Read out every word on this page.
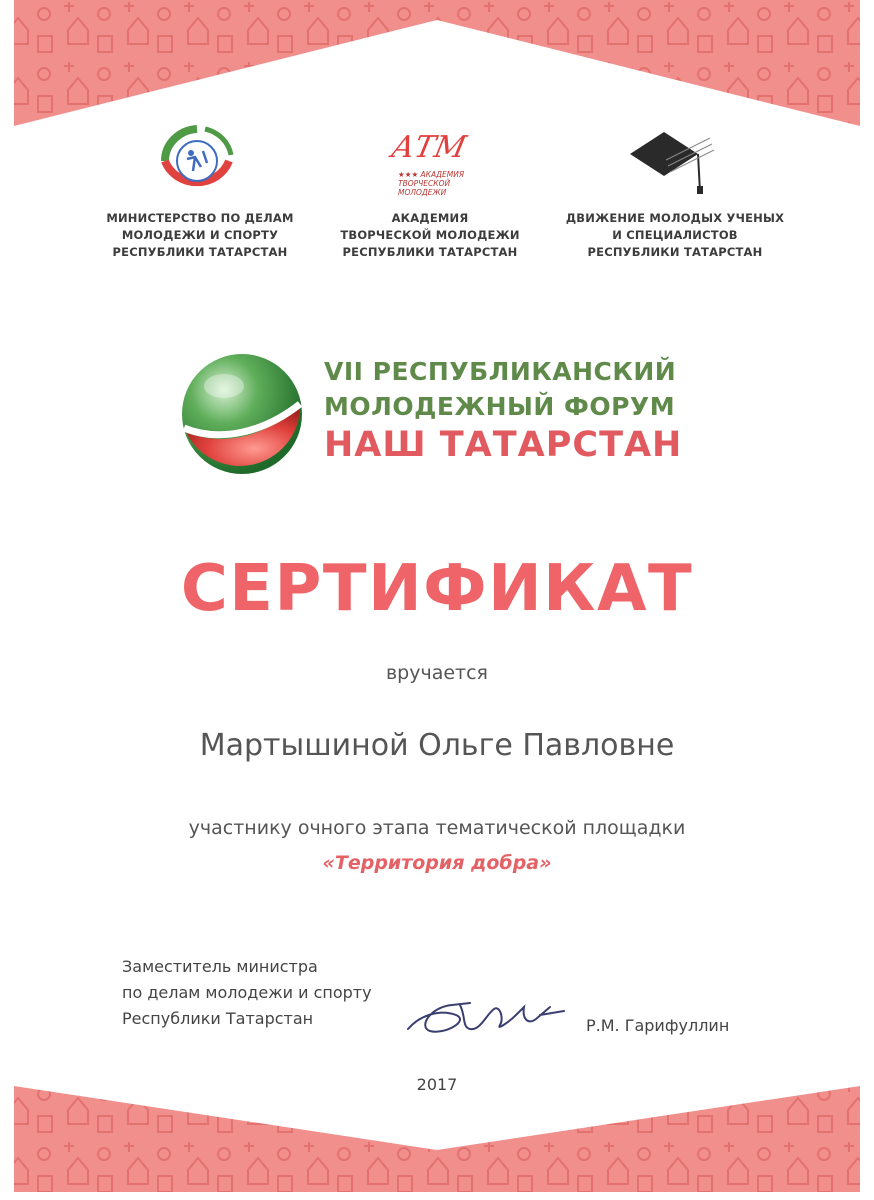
МИНИСТЕРСТВО ПО ДЕЛАМ
МОЛОДЕЖИ И СПОРТУ
РЕСПУБЛИКИ ТАТАРСТАН
АТМ
★★★ АКАДЕМИЯ
ТВОРЧЕСКОЙ МОЛОДЕЖИ
АКАДЕМИЯ
ТВОРЧЕСКОЙ МОЛОДЕЖИ
РЕСПУБЛИКИ ТАТАРСТАН
ДВИЖЕНИЕ МОЛОДЫХ УЧЕНЫХ
И СПЕЦИАЛИСТОВ
РЕСПУБЛИКИ ТАТАРСТАН
VII РЕСПУБЛИКАНСКИЙ
МОЛОДЕЖНЫЙ ФОРУМ
НАШ ТАТАРСТАН
СЕРТИФИКАТ
вручается
Мартышиной Ольге Павловне
участнику очного этапа тематической площадки
«Территория добра»
Заместитель министра
по делам молодежи и спорту
Республики Татарстан	Р.М. Гарифуллин
2017
